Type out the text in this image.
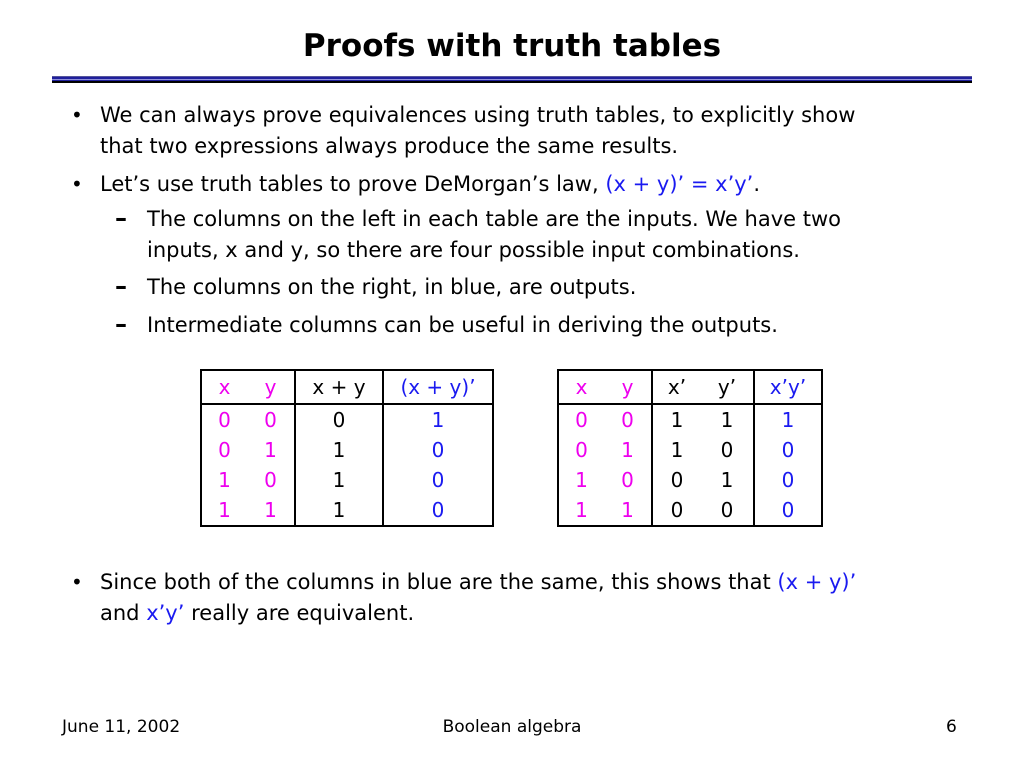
Proofs with truth tables
• We can always prove equivalences using truth tables, to explicitly show
that two expressions always produce the same results.
• Let’s use truth tables to prove DeMorgan’s law, (x + y)’ = x’y’.
– The columns on the left in each table are the inputs. We have two
inputs, x and y, so there are four possible input combinations.
– The columns on the right, in blue, are outputs.
– Intermediate columns can be useful in deriving the outputs.
x	y	x + y	(x + y)’
0	0	0	1
0	1	1	0
1	0	1	0
1	1	1	0
x	y	x’	y’	x’y’
0	0	1	1	1
0	1	1	0	0
1	0	0	1	0
1	1	0	0	0
• Since both of the columns in blue are the same, this shows that (x + y)’
and x’y’ really are equivalent.
June 11, 2002	Boolean algebra	6
